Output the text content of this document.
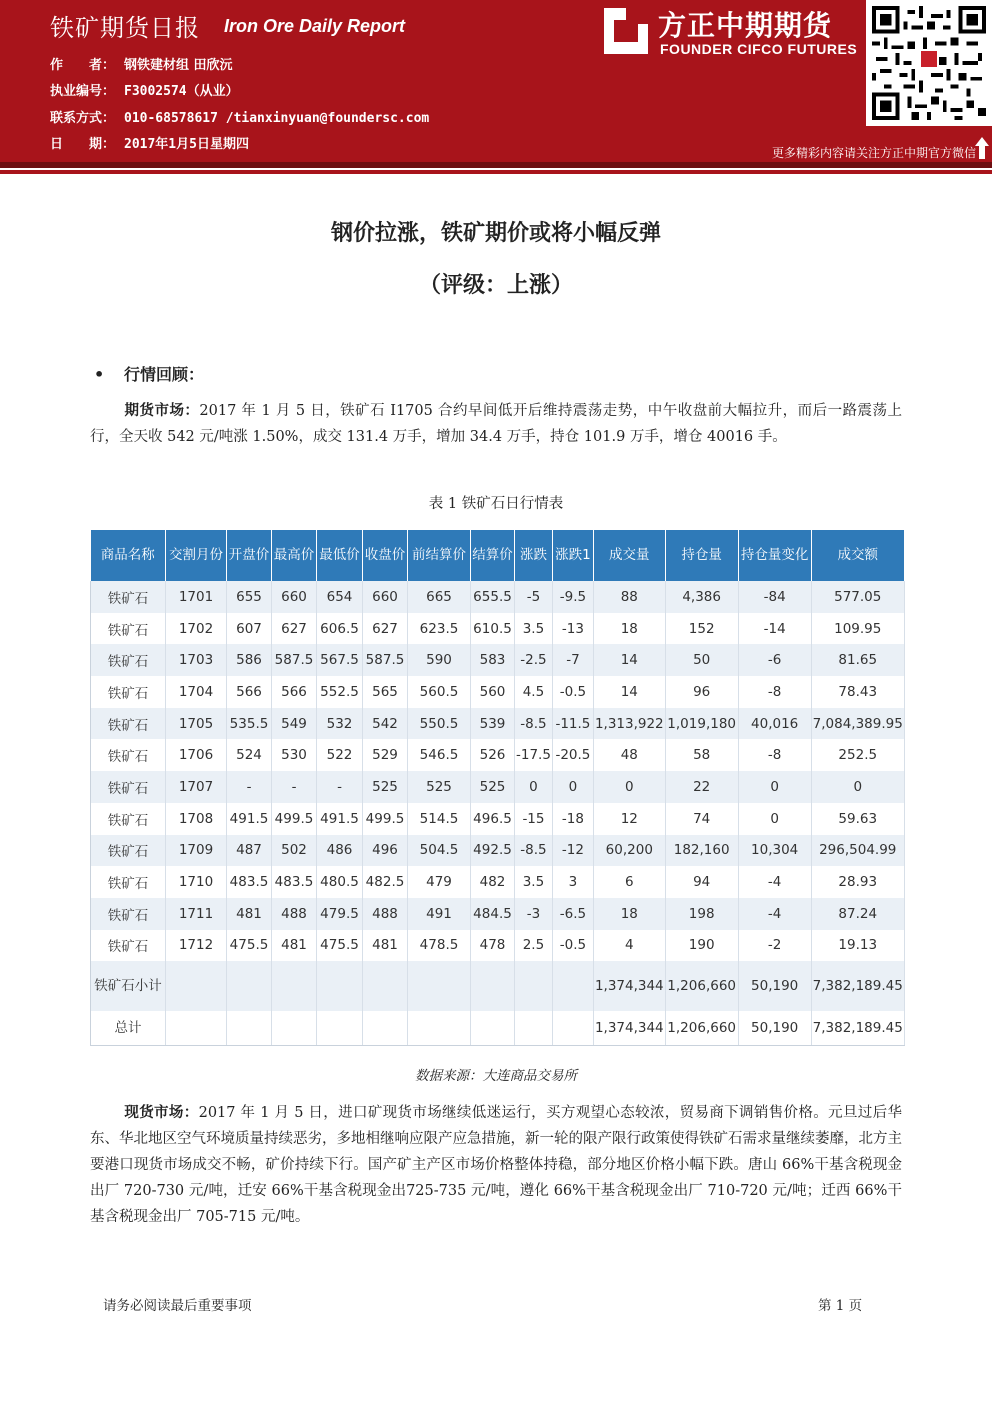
铁矿期货日报 Iron Ore Daily Report
作　　者： 钢铁建材组 田欣沅
执业编号： F3002574（从业）
联系方式： 010-68578617 /tianxinyuan@foundersc.com
日　　期： 2017年1月5日星期四
方正中期期货
FOUNDER CIFCO FUTURES
更多精彩内容请关注方正中期官方微信
钢价拉涨，铁矿期价或将小幅反弹
（评级：上涨）
• 行情回顾：
期货市场：2017 年 1 月 5 日，铁矿石 I1705 合约早间低开后维持震荡走势，中午收盘前大幅拉升，而后一路震荡上行，全天收 542 元/吨涨 1.50%，成交 131.4 万手，增加 34.4 万手，持仓 101.9 万手，增仓 40016 手。
表 1 铁矿石日行情表
商品名称	交割月份	开盘价	最高价	最低价	收盘价	前结算价	结算价	涨跌	涨跌1	成交量	持仓量	持仓量变化	成交额
铁矿石	1701	655	660	654	660	665	655.5	-5	-9.5	88	4,386	-84	577.05
铁矿石	1702	607	627	606.5	627	623.5	610.5	3.5	-13	18	152	-14	109.95
铁矿石	1703	586	587.5	567.5	587.5	590	583	-2.5	-7	14	50	-6	81.65
铁矿石	1704	566	566	552.5	565	560.5	560	4.5	-0.5	14	96	-8	78.43
铁矿石	1705	535.5	549	532	542	550.5	539	-8.5	-11.5	1,313,922	1,019,180	40,016	7,084,389.95
铁矿石	1706	524	530	522	529	546.5	526	-17.5	-20.5	48	58	-8	252.5
铁矿石	1707	-	-	-	525	525	525	0	0	0	22	0	0
铁矿石	1708	491.5	499.5	491.5	499.5	514.5	496.5	-15	-18	12	74	0	59.63
铁矿石	1709	487	502	486	496	504.5	492.5	-8.5	-12	60,200	182,160	10,304	296,504.99
铁矿石	1710	483.5	483.5	480.5	482.5	479	482	3.5	3	6	94	-4	28.93
铁矿石	1711	481	488	479.5	488	491	484.5	-3	-6.5	18	198	-4	87.24
铁矿石	1712	475.5	481	475.5	481	478.5	478	2.5	-0.5	4	190	-2	19.13
铁矿石小计										1,374,344	1,206,660	50,190	7,382,189.45
总计										1,374,344	1,206,660	50,190	7,382,189.45
数据来源：大连商品交易所
现货市场：2017 年 1 月 5 日，进口矿现货市场继续低迷运行，买方观望心态较浓，贸易商下调销售价格。元旦过后华东、华北地区空气环境质量持续恶劣，多地相继响应限产应急措施，新一轮的限产限行政策使得铁矿石需求量继续萎靡，北方主要港口现货市场成交不畅，矿价持续下行。国产矿主产区市场价格整体持稳，部分地区价格小幅下跌。唐山 66%干基含税现金出厂 720-730 元/吨，迁安 66%干基含税现金出725-735 元/吨，遵化 66%干基含税现金出厂 710-720 元/吨；迁西 66%干基含税现金出厂 705-715 元/吨。
请务必阅读最后重要事项	第 1 页
